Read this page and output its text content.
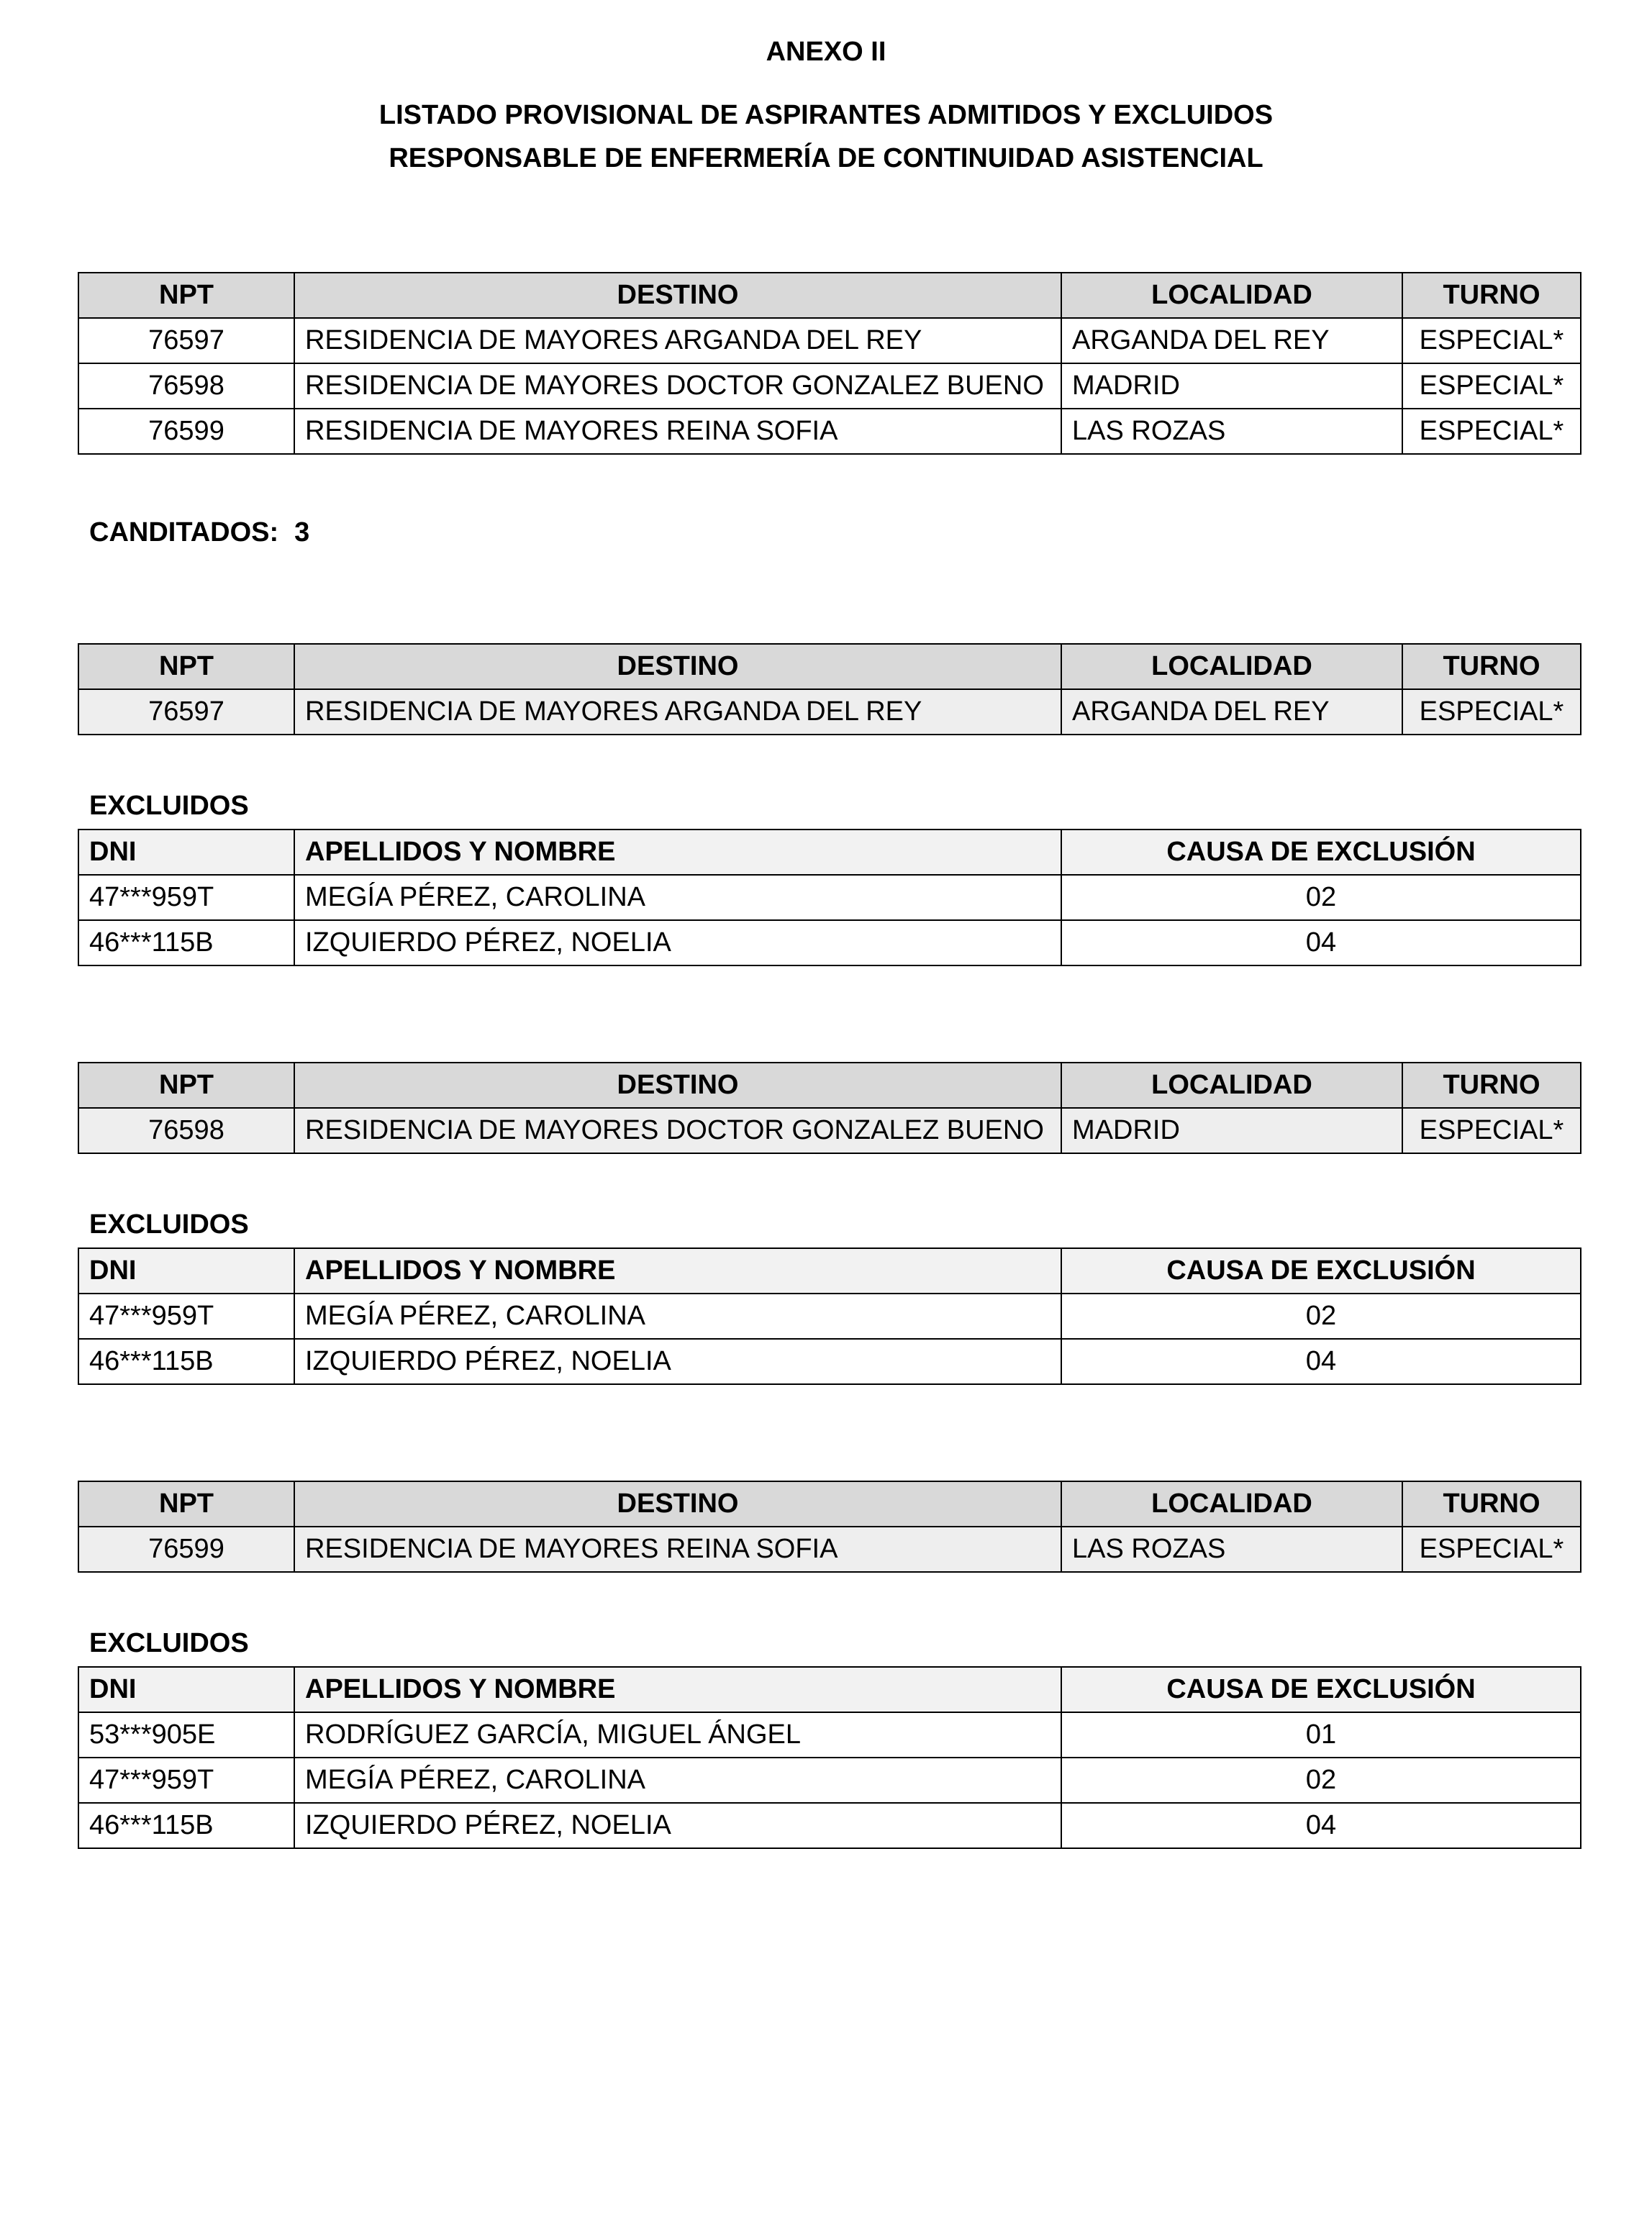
ANEXO II
LISTADO PROVISIONAL DE ASPIRANTES ADMITIDOS Y EXCLUIDOS
RESPONSABLE DE ENFERMERÍA DE CONTINUIDAD ASISTENCIAL
NPT	DESTINO	LOCALIDAD	TURNO
76597	RESIDENCIA DE MAYORES ARGANDA DEL REY	ARGANDA DEL REY	ESPECIAL*
76598	RESIDENCIA DE MAYORES DOCTOR GONZALEZ BUENO	MADRID	ESPECIAL*
76599	RESIDENCIA DE MAYORES REINA SOFIA	LAS ROZAS	ESPECIAL*
CANDITADOS: 3
NPT	DESTINO	LOCALIDAD	TURNO
76597	RESIDENCIA DE MAYORES ARGANDA DEL REY	ARGANDA DEL REY	ESPECIAL*
EXCLUIDOS
DNI	APELLIDOS Y NOMBRE	CAUSA DE EXCLUSIÓN
47***959T	MEGÍA PÉREZ, CAROLINA	02
46***115B	IZQUIERDO PÉREZ, NOELIA	04
NPT	DESTINO	LOCALIDAD	TURNO
76598	RESIDENCIA DE MAYORES DOCTOR GONZALEZ BUENO	MADRID	ESPECIAL*
EXCLUIDOS
DNI	APELLIDOS Y NOMBRE	CAUSA DE EXCLUSIÓN
47***959T	MEGÍA PÉREZ, CAROLINA	02
46***115B	IZQUIERDO PÉREZ, NOELIA	04
NPT	DESTINO	LOCALIDAD	TURNO
76599	RESIDENCIA DE MAYORES REINA SOFIA	LAS ROZAS	ESPECIAL*
EXCLUIDOS
DNI	APELLIDOS Y NOMBRE	CAUSA DE EXCLUSIÓN
53***905E	RODRÍGUEZ GARCÍA, MIGUEL ÁNGEL	01
47***959T	MEGÍA PÉREZ, CAROLINA	02
46***115B	IZQUIERDO PÉREZ, NOELIA	04
